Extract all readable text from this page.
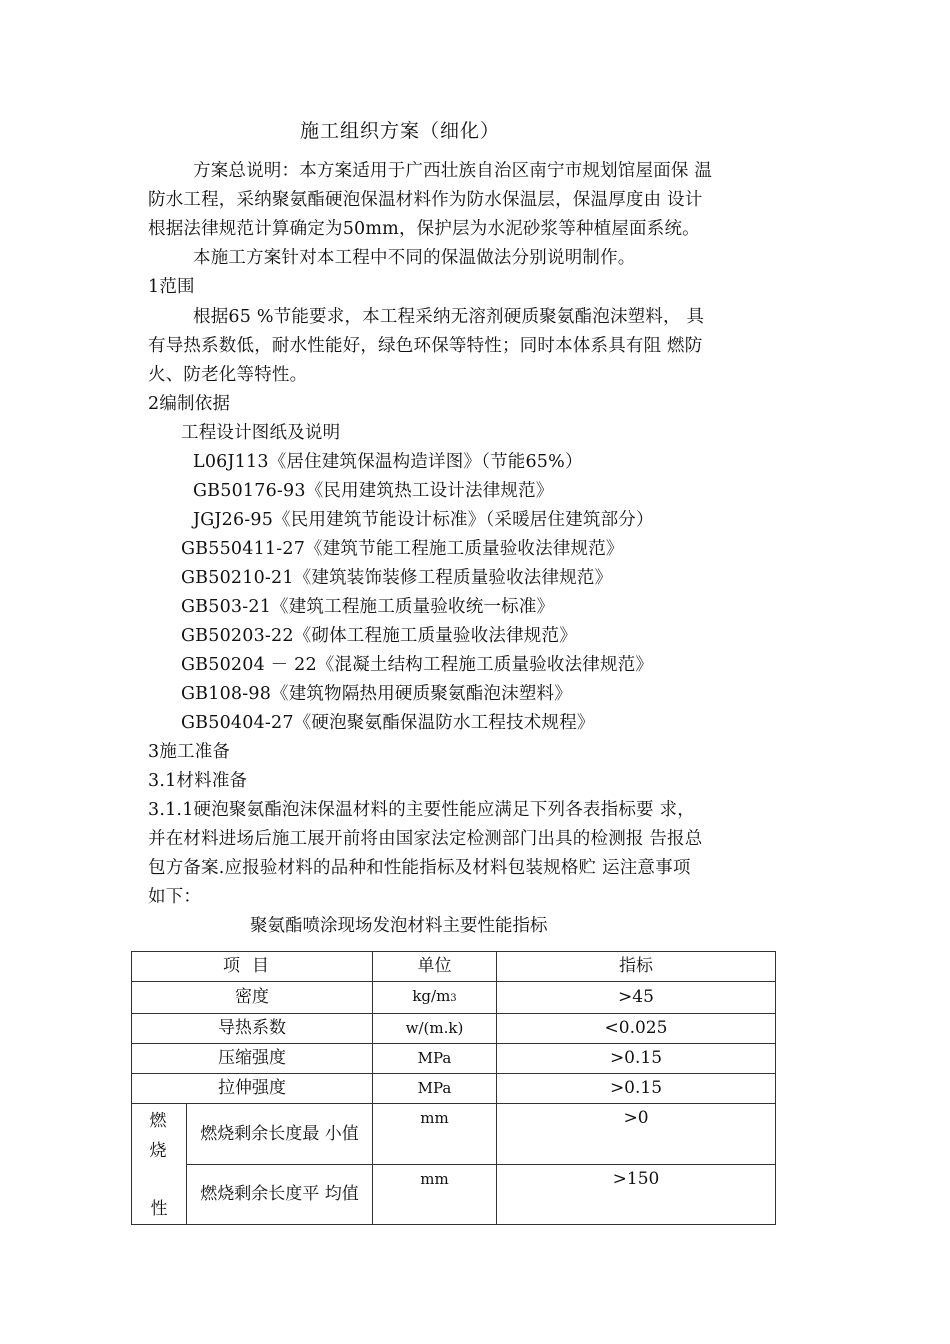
施工组织方案（细化）
方案总说明：本方案适用于广西壮族自治区南宁市规划馆屋面保 温
防水工程，采纳聚氨酯硬泡保温材料作为防水保温层，保温厚度由 设计
根据法律规范计算确定为50mm，保护层为水泥砂浆等种植屋面系统。
本施工方案针对本工程中不同的保温做法分别说明制作。
1范围
根据65 %节能要求，本工程采纳无溶剂硬质聚氨酯泡沫塑料， 具
有导热系数低，耐水性能好，绿色环保等特性；同时本体系具有阻 燃防
火、防老化等特性。
2编制依据
工程设计图纸及说明
L06J113《居住建筑保温构造详图》（节能65%）
GB50176-93《民用建筑热工设计法律规范》
JGJ26-95《民用建筑节能设计标准》（采暖居住建筑部分）
GB550411-27《建筑节能工程施工质量验收法律规范》
GB50210-21《建筑装饰装修工程质量验收法律规范》
GB503-21《建筑工程施工质量验收统一标准》
GB50203-22《砌体工程施工质量验收法律规范》
GB50204 － 22《混凝土结构工程施工质量验收法律规范》
GB108-98《建筑物隔热用硬质聚氨酯泡沫塑料》
GB50404-27《硬泡聚氨酯保温防水工程技术规程》
3施工准备
3.1材料准备
3.1.1硬泡聚氨酯泡沫保温材料的主要性能应满足下列各表指标要 求，
并在材料进场后施工展开前将由国家法定检测部门出具的检测报 告报总
包方备案.应报验材料的品种和性能指标及材料包装规格贮 运注意事项
如下：
聚氨酯喷涂现场发泡材料主要性能指标
项目		单位	指标
密度		kg/m3	>45
导热系数		w/(m.k)	<0.025
压缩强度		MPa	>0.15
拉伸强度		MPa	>0.15

燃烧
性	燃烧剩余长度最 小值	mm	>0
	燃烧剩余长度平 均值	mm	>150
